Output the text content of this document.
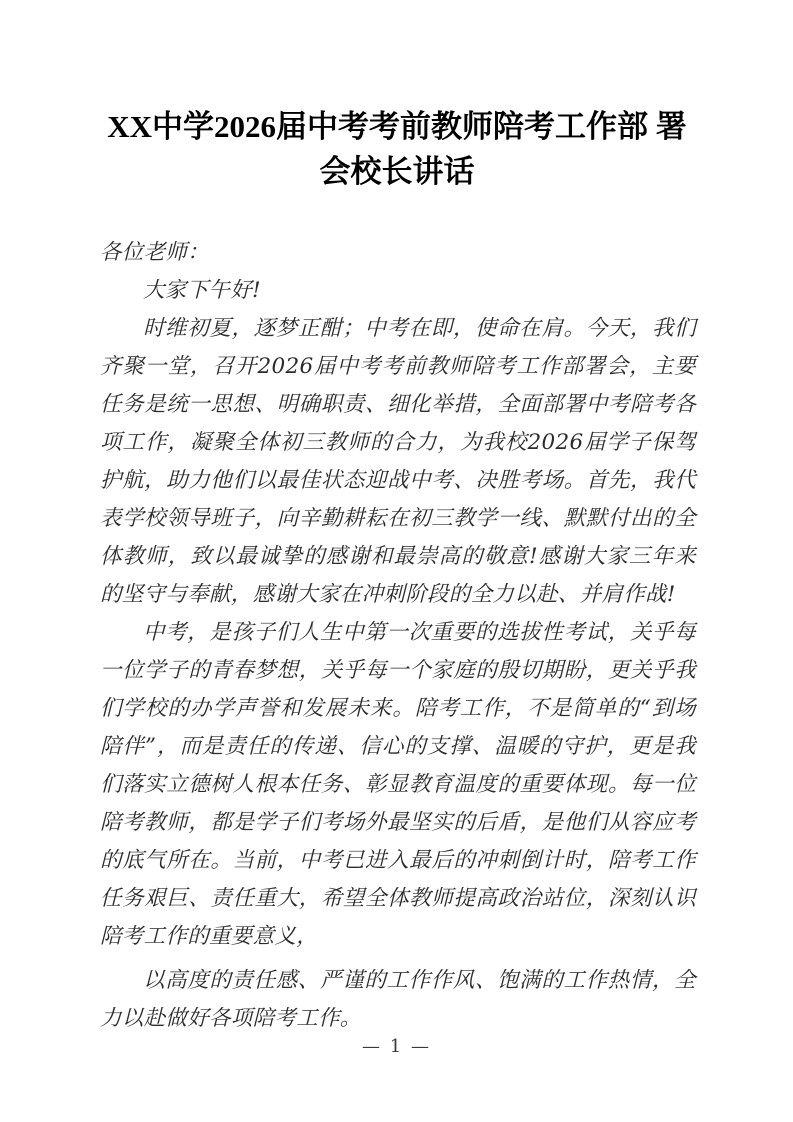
XX中学2026届中考考前教师陪考工作部 署会校长讲话

各位老师：

大家下午好!

时维初夏，逐梦正酣；中考在即，使命在肩。今天，我们齐聚一堂，召开2026届中考考前教师陪考工作部署会，主要任务是统一思想、明确职责、细化举措，全面部署中考陪考各项工作，凝聚全体初三教师的合力，为我校2026届学子保驾护航，助力他们以最佳状态迎战中考、决胜考场。首先，我代表学校领导班子，向辛勤耕耘在初三教学一线、默默付出的全体教师，致以最诚挚的感谢和最崇高的敬意!感谢大家三年来的坚守与奉献，感谢大家在冲刺阶段的全力以赴、并肩作战!

中考，是孩子们人生中第一次重要的选拔性考试，关乎每一位学子的青春梦想，关乎每一个家庭的殷切期盼，更关乎我们学校的办学声誉和发展未来。陪考工作，不是简单的“到场陪伴”，而是责任的传递、信心的支撑、温暖的守护，更是我们落实立德树人根本任务、彰显教育温度的重要体现。每一位陪考教师，都是学子们考场外最坚实的后盾，是他们从容应考的底气所在。当前，中考已进入最后的冲刺倒计时，陪考工作任务艰巨、责任重大，希望全体教师提高政治站位，深刻认识陪考工作的重要意义，

以高度的责任感、严谨的工作作风、饱满的工作热情，全力以赴做好各项陪考工作。

— 1 —
